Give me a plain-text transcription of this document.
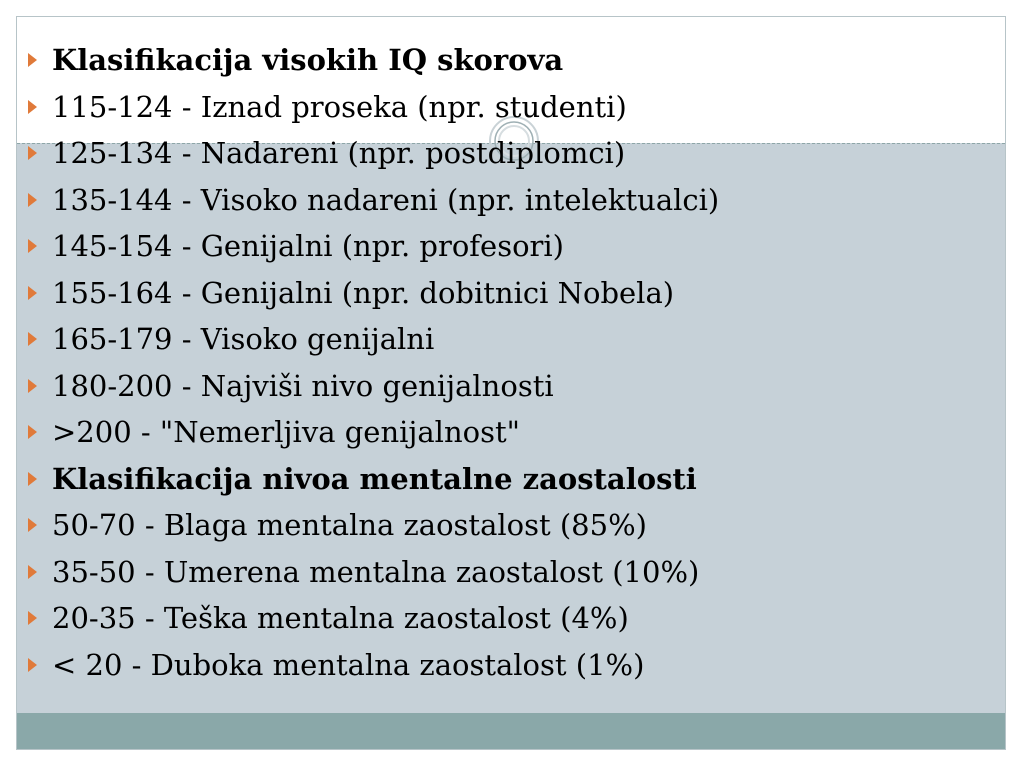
Klasifikacija visokih IQ skorova
115-124 - Iznad proseka (npr. studenti)
125-134 - Nadareni (npr. postdiplomci)
135-144 - Visoko nadareni (npr. intelektualci)
145-154 - Genijalni (npr. profesori)
155-164 - Genijalni (npr. dobitnici Nobela)
165-179 - Visoko genijalni
180-200 - Najviši nivo genijalnosti
>200 - "Nemerljiva genijalnost"
Klasifikacija nivoa mentalne zaostalosti
50-70 - Blaga mentalna zaostalost (85%)
35-50 - Umerena mentalna zaostalost (10%)
20-35 - Teška mentalna zaostalost (4%)
< 20 - Duboka mentalna zaostalost (1%)
